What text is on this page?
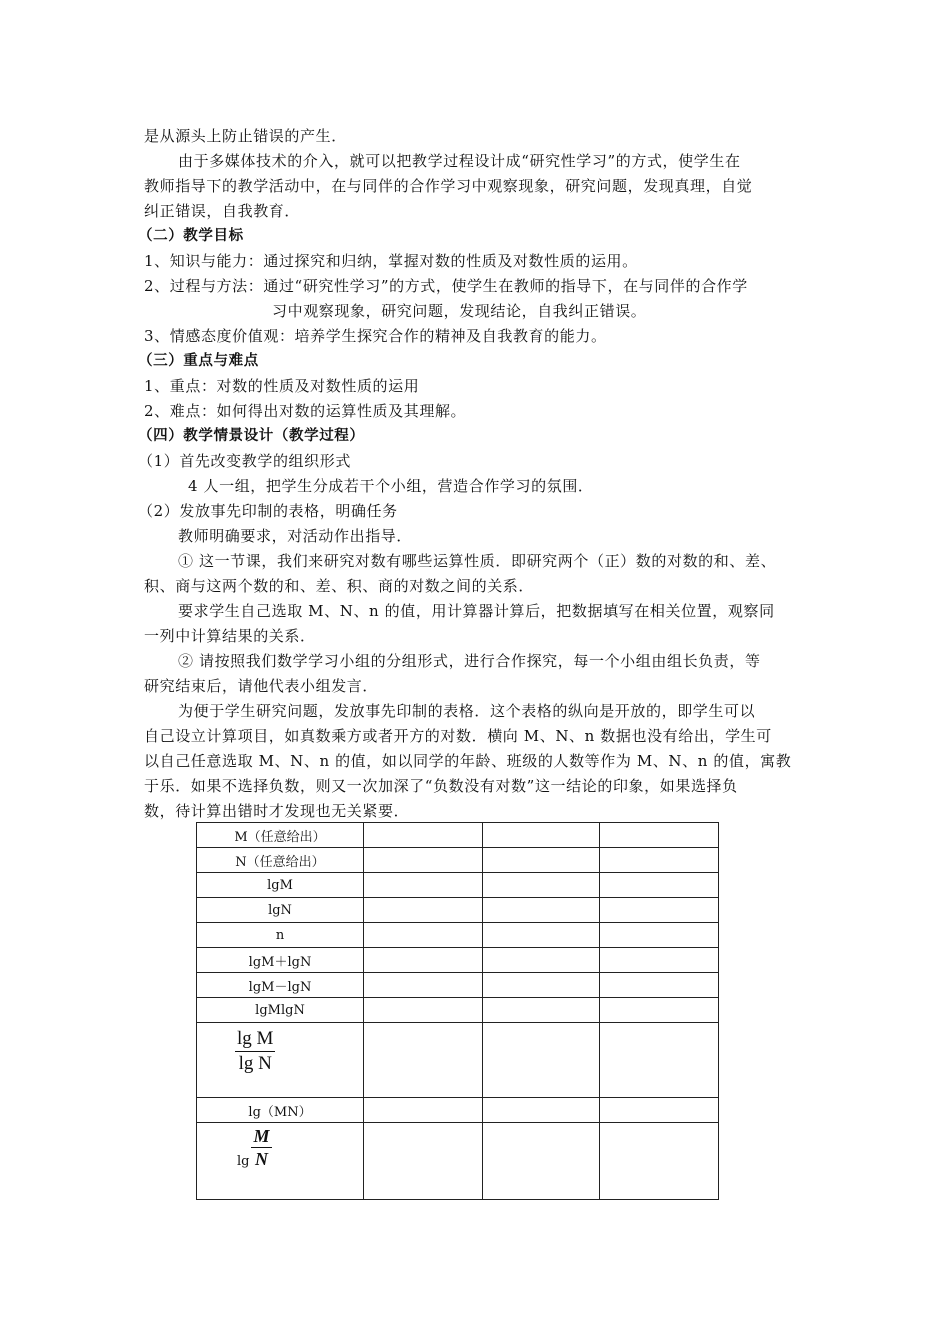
是从源头上防止错误的产生．
由于多媒体技术的介入，就可以把教学过程设计成“研究性学习”的方式，使学生在
教师指导下的教学活动中，在与同伴的合作学习中观察现象，研究问题，发现真理，自觉
纠正错误，自我教育．
（二）教学目标
1、知识与能力：通过探究和归纳，掌握对数的性质及对数性质的运用。
2、过程与方法：通过“研究性学习”的方式，使学生在教师的指导下，在与同伴的合作学
习中观察现象，研究问题，发现结论，自我纠正错误。
3、情感态度价值观：培养学生探究合作的精神及自我教育的能力。
（三）重点与难点
1、重点：对数的性质及对数性质的运用
2、难点：如何得出对数的运算性质及其理解。
（四）教学情景设计（教学过程）
（1）首先改变教学的组织形式
4 人一组，把学生分成若干个小组，营造合作学习的氛围．
（2）发放事先印制的表格，明确任务
教师明确要求，对活动作出指导．
① 这一节课，我们来研究对数有哪些运算性质．即研究两个（正）数的对数的和、差、
积、商与这两个数的和、差、积、商的对数之间的关系．
要求学生自己选取 M、N、n 的值，用计算器计算后，把数据填写在相关位置，观察同
一列中计算结果的关系．
② 请按照我们数学学习小组的分组形式，进行合作探究，每一个小组由组长负责，等
研究结束后，请他代表小组发言．
为便于学生研究问题，发放事先印制的表格．这个表格的纵向是开放的，即学生可以
自己设立计算项目，如真数乘方或者开方的对数．横向 M、N、n 数据也没有给出，学生可
以自己任意选取 M、N、n 的值，如以同学的年龄、班级的人数等作为 M、N、n 的值，寓教
于乐．如果不选择负数，则又一次加深了“负数没有对数”这一结论的印象，如果选择负
数，待计算出错时才发现也无关紧要．
M（任意给出）			
N（任意给出）			
lgM			
lgN			
n			
lgM＋lgN			
lgM－lgN			
lgMlgN			

$\frac{\text{lg M}}{\text{lg N}}$

lg（MN）			
$\lg \frac{M}{N}$
